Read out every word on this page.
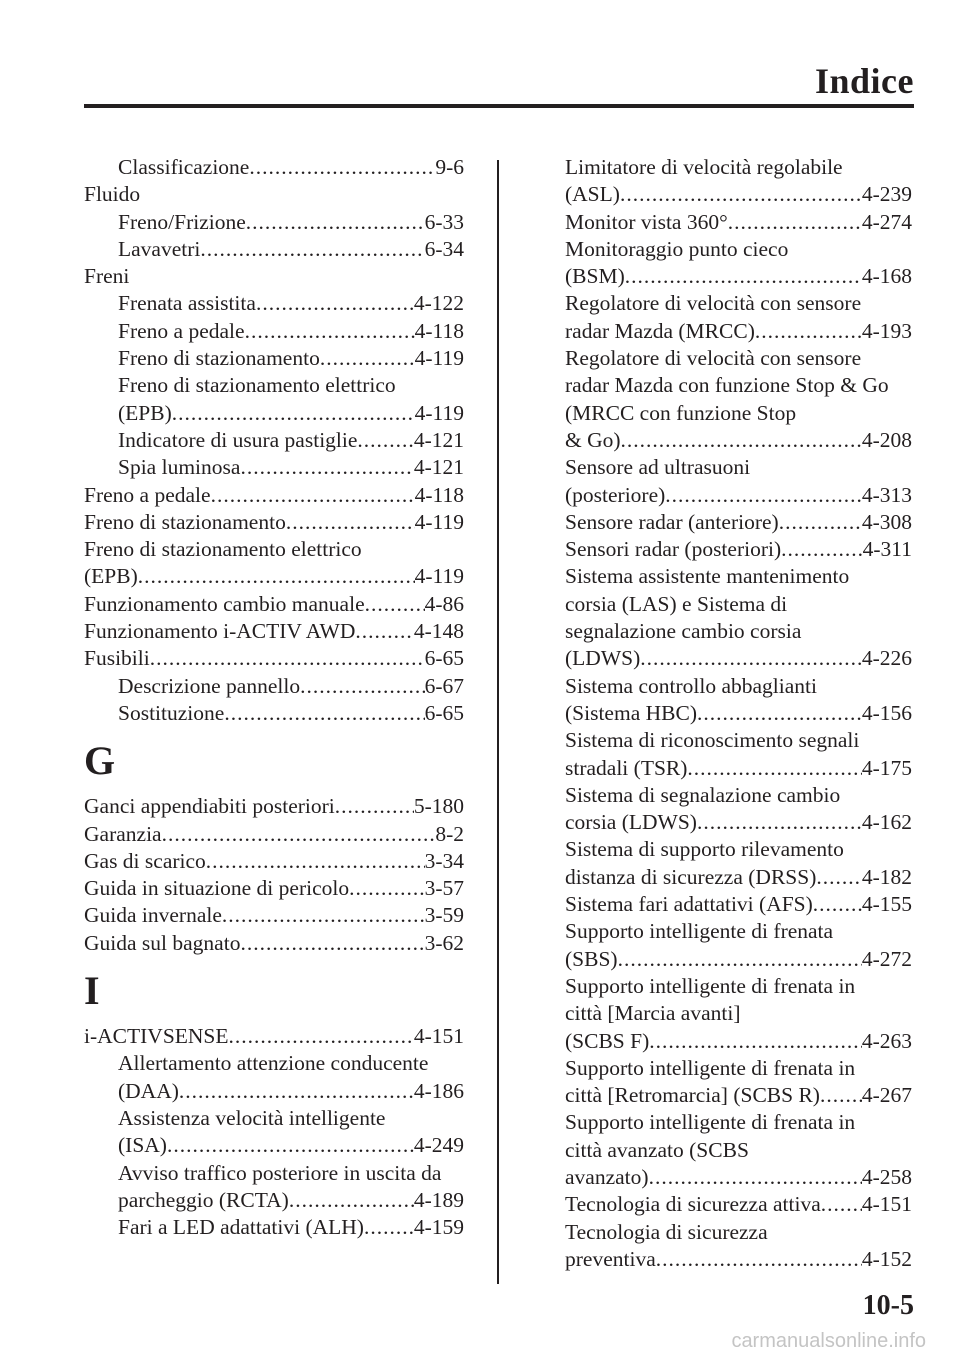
Indice
Classificazione .....	9-6
Fluido
Freno/Frizione .....	6-33
Lavavetri .....	6-34
Freni
Frenata assistita .....	4-122
Freno a pedale .....	4-118
Freno di stazionamento .....	4-119
Freno di stazionamento elettrico
(EPB) .....	4-119
Indicatore di usura pastiglie .....	4-121
Spia luminosa .....	4-121
Freno a pedale .....	4-118
Freno di stazionamento .....	4-119
Freno di stazionamento elettrico
(EPB) .....	4-119
Funzionamento cambio manuale .....	4-86
Funzionamento i-ACTIV AWD .....	4-148
Fusibili .....	6-65
Descrizione pannello .....	6-67
Sostituzione .....	6-65
G
Ganci appendiabiti posteriori .....	5-180
Garanzia .....	8-2
Gas di scarico .....	3-34
Guida in situazione di pericolo .....	3-57
Guida invernale .....	3-59
Guida sul bagnato .....	3-62
I
i-ACTIVSENSE .....	4-151
Allertamento attenzione conducente
(DAA) .....	4-186
Assistenza velocità intelligente
(ISA) .....	4-249
Avviso traffico posteriore in uscita da
parcheggio (RCTA) .....	4-189
Fari a LED adattativi (ALH) ..... 4-159
Limitatore di velocità regolabile
(ASL) .....	4-239
Monitor vista 360° .....	4-274
Monitoraggio punto cieco
(BSM) .....	4-168
Regolatore di velocità con sensore
radar Mazda (MRCC) .....	4-193
Regolatore di velocità con sensore
radar Mazda con funzione Stop & Go
(MRCC con funzione Stop
& Go) .....	4-208
Sensore ad ultrasuoni
(posteriore) .....	4-313
Sensore radar (anteriore) .....	4-308
Sensori radar (posteriori) .....	4-311
Sistema assistente mantenimento
corsia (LAS) e Sistema di
segnalazione cambio corsia
(LDWS) .....	4-226
Sistema controllo abbaglianti
(Sistema HBC) .....	4-156
Sistema di riconoscimento segnali
stradali (TSR) .....	4-175
Sistema di segnalazione cambio
corsia (LDWS) .....	4-162
Sistema di supporto rilevamento
distanza di sicurezza (DRSS) ..... 4-182
Sistema fari adattativi (AFS) ..... 4-155
Supporto intelligente di frenata
(SBS) .....	4-272
Supporto intelligente di frenata in
città [Marcia avanti]
(SCBS F) .....	4-263
Supporto intelligente di frenata in
città [Retromarcia] (SCBS R) ..... 4-267
Supporto intelligente di frenata in
città avanzato (SCBS
avanzato) .....	4-258
Tecnologia di sicurezza attiva ..... 4-151
Tecnologia di sicurezza
preventiva .....	4-152
10-5
carmanualsonline.info
